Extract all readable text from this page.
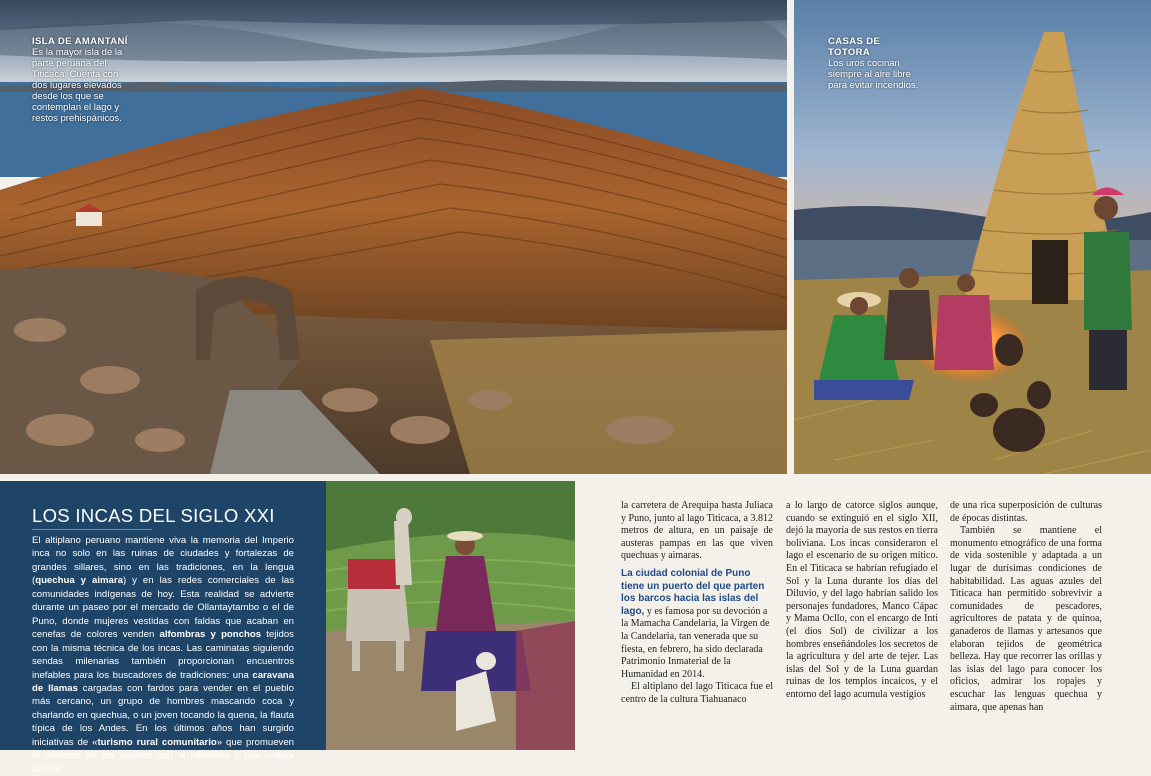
ISLA DE AMANTANÍ

Es la mayor isla de la parte peruana del Titicaca. Cuenta con dos lugares elevados desde los que se contemplan el lago y restos prehispánicos.

CASAS DE TOTORA

Los uros cocinan siempre al aire libre para evitar incendios.

LOS INCAS DEL SIGLO XXI

El altiplano peruano mantiene viva la memoria del Imperio inca no solo en las ruinas de ciudades y fortalezas de grandes sillares, sino en las tradiciones, en la lengua (quechua y aimara) y en las redes comerciales de las comunidades indígenas de hoy. Esta realidad se advierte durante un paseo por el mercado de Ollantaytambo o el de Puno, donde mujeres vestidas con faldas que acaban en cenefas de colores venden alfombras y ponchos tejidos con la misma técnica de los incas. Las caminatas siguiendo sendas milenarias también proporcionan encuentros inefables para los buscadores de tradiciones: una caravana de llamas cargadas con fardos para vender en el pueblo más cercano, un grupo de hombres mascando coca y charlando en quechua, o un joven tocando la quena, la flauta típica de los Andes. En los últimos años han surgido iniciativas de «turismo rural comunitario» que promueven el contacto de los viajeros con la milenaria y rica cultura andina.

la carretera de Arequipa hasta Juliaca y Puno, junto al lago Titicaca, a 3.812 metros de altura, en un paisaje de austeras pampas en las que viven quechuas y aimaras.

La ciudad colonial de Puno tiene un puerto del que parten los barcos hacia las islas del lago, y es famosa por su devoción a la Mamacha Candelaria, la Virgen de la Candelaria, tan venerada que su fiesta, en febrero, ha sido declarada Patrimonio Inmaterial de la Humanidad en 2014.

El altiplano del lago Titicaca fue el centro de la cultura Tiahuanaco

a lo largo de catorce siglos aunque, cuando se extinguió en el siglo XII, dejó la mayoría de sus restos en tierra boliviana. Los incas consideraron el lago el escenario de su origen mítico. En el Titicaca se habrían refugiado el Sol y la Luna durante los días del Diluvio, y del lago habrían salido los personajes fundadores, Manco Cápac y Mama Ocllo, con el encargo de Inti (el dios Sol) de civilizar a los hombres enseñándoles los secretos de la agricultura y del arte de tejer. Las islas del Sol y de la Luna guardan ruinas de los templos incaicos, y el entorno del lago acumula vestigios

de una rica superposición de culturas de épocas distintas.

También se mantiene el monumento etnográfico de una forma de vida sostenible y adaptada a un lugar de durísimas condiciones de habitabilidad. Las aguas azules del Titicaca han permitido sobrevivir a comunidades de pescadores, agricultores de patata y de quinoa, ganaderos de llamas y artesanos que elaboran tejidos de geométrica belleza. Hay que recorrer las orillas y las islas del lago para conocer los oficios, admirar los ropajes y escuchar las lenguas quechua y aimara, que apenas han
